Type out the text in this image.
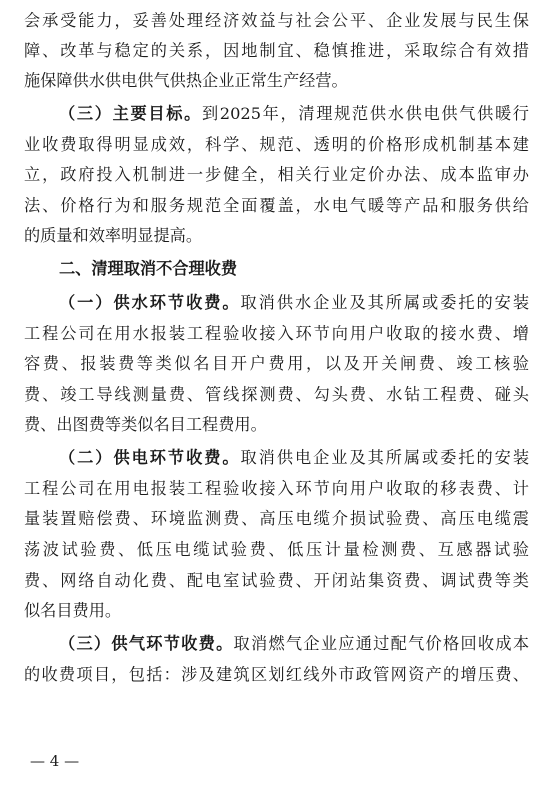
会承受能力，妥善处理经济效益与社会公平、企业发展与民生保
障、改革与稳定的关系，因地制宜、稳慎推进，采取综合有效措
施保障供水供电供气供热企业正常生产经营。
（三）主要目标。到2025年，清理规范供水供电供气供暖行
业收费取得明显成效，科学、规范、透明的价格形成机制基本建
立，政府投入机制进一步健全，相关行业定价办法、成本监审办
法、价格行为和服务规范全面覆盖，水电气暖等产品和服务供给
的质量和效率明显提高。
二、清理取消不合理收费
（一）供水环节收费。取消供水企业及其所属或委托的安装
工程公司在用水报装工程验收接入环节向用户收取的接水费、增
容费、报装费等类似名目开户费用，以及开关闸费、竣工核验
费、竣工导线测量费、管线探测费、勾头费、水钻工程费、碰头
费、出图费等类似名目工程费用。
（二）供电环节收费。取消供电企业及其所属或委托的安装
工程公司在用电报装工程验收接入环节向用户收取的移表费、计
量装置赔偿费、环境监测费、高压电缆介损试验费、高压电缆震
荡波试验费、低压电缆试验费、低压计量检测费、互感器试验
费、网络自动化费、配电室试验费、开闭站集资费、调试费等类
似名目费用。
（三）供气环节收费。取消燃气企业应通过配气价格回收成本
的收费项目，包括：涉及建筑区划红线外市政管网资产的增压费、
— 4 —
